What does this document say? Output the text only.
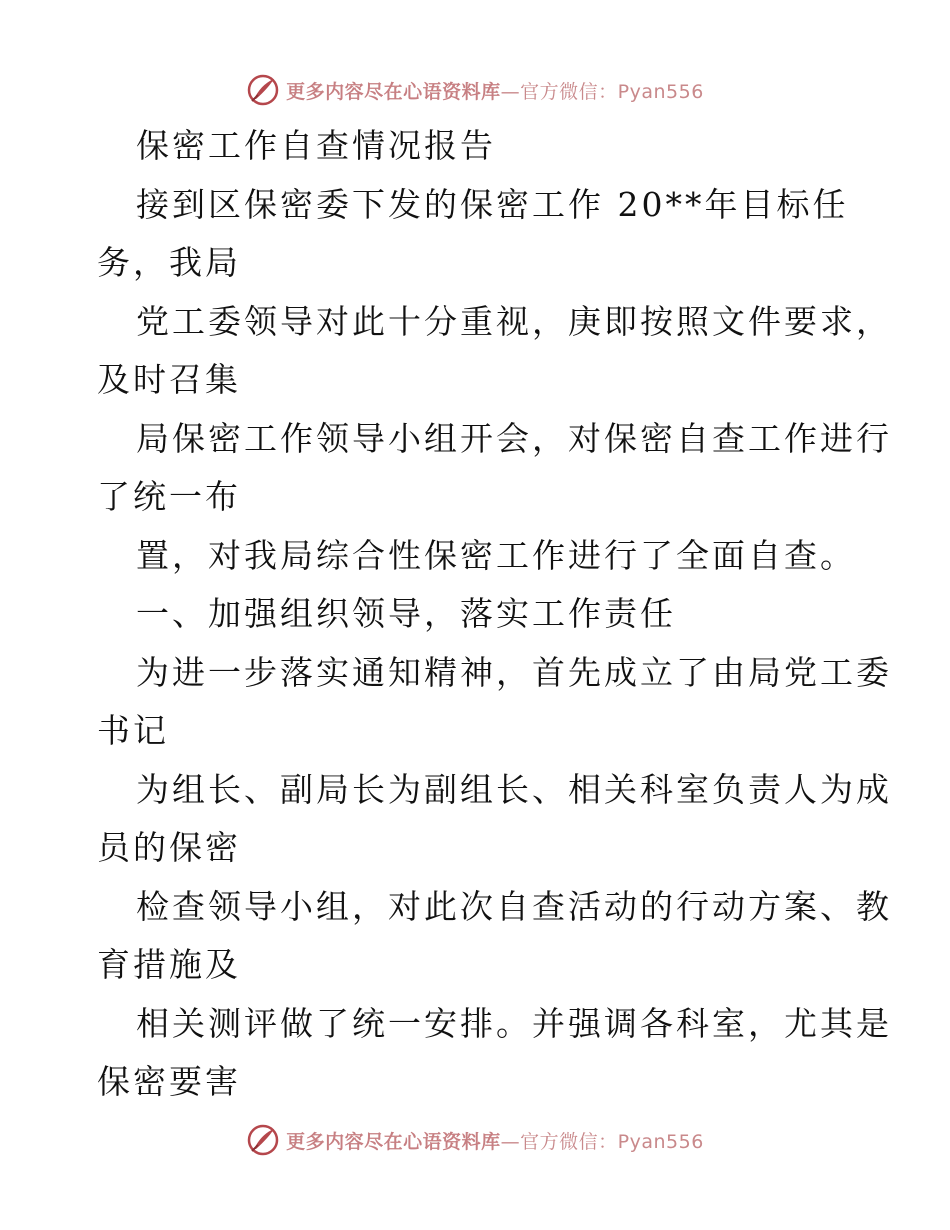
更多内容尽在心语资料库—官方微信：Pyan556
保密工作自查情况报告
接到区保密委下发的保密工作 20**年目标任
务，我局
党工委领导对此十分重视，庚即按照文件要求，
及时召集
局保密工作领导小组开会，对保密自查工作进行
了统一布
置，对我局综合性保密工作进行了全面自查。
一、加强组织领导，落实工作责任
为进一步落实通知精神，首先成立了由局党工委
书记
为组长、副局长为副组长、相关科室负责人为成
员的保密
检查领导小组，对此次自查活动的行动方案、教
育措施及
相关测评做了统一安排。并强调各科室，尤其是
保密要害
更多内容尽在心语资料库—官方微信：Pyan556
